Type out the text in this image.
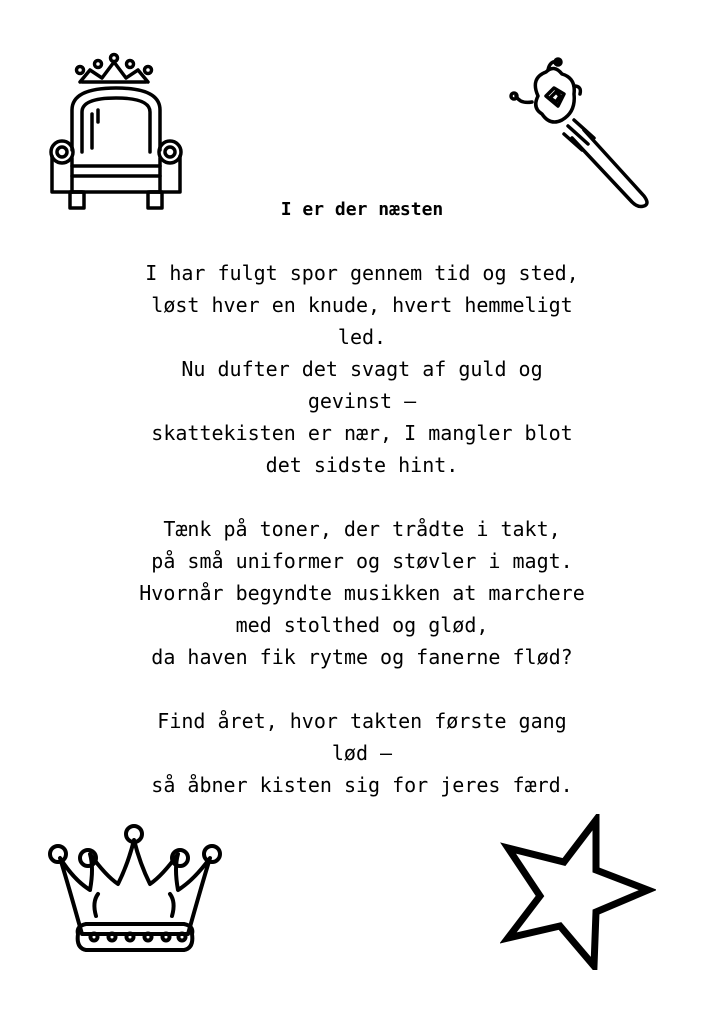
I er der næsten
I har fulgt spor gennem tid og sted,
løst hver en knude, hvert hemmeligt
led.
Nu dufter det svagt af guld og
gevinst –
skattekisten er nær, I mangler blot
det sidste hint.
Tænk på toner, der trådte i takt,
på små uniformer og støvler i magt.
Hvornår begyndte musikken at marchere
med stolthed og glød,
da haven fik rytme og fanerne flød?
Find året, hvor takten første gang
lød –
så åbner kisten sig for jeres færd.
